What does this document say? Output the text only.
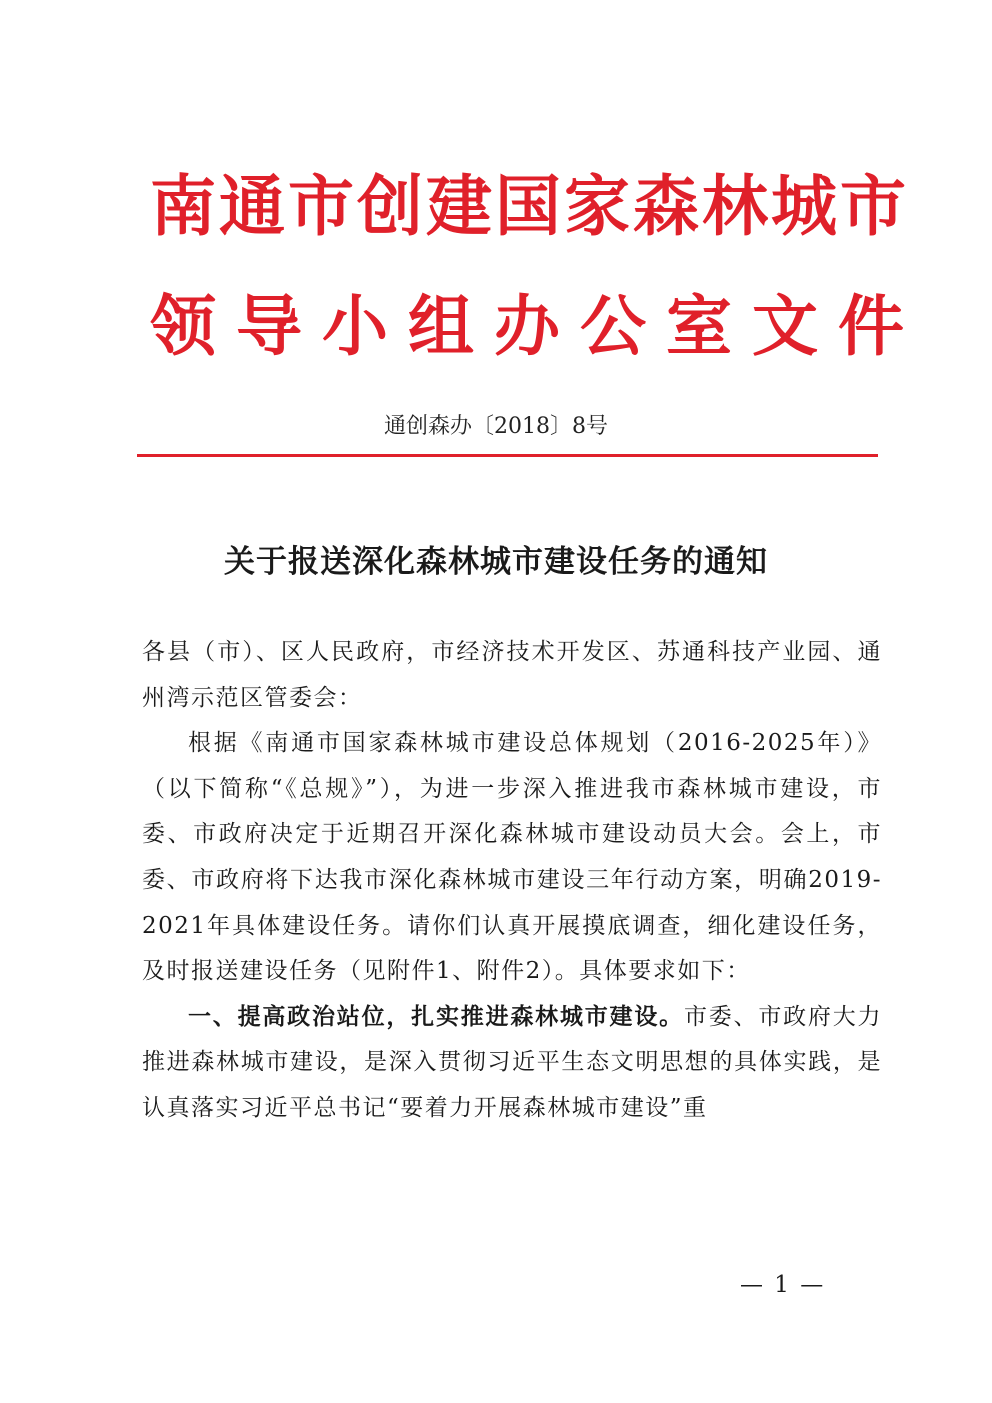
南通市创建国家森林城市
领导小组办公室文件
通创森办〔2018〕8号
关于报送深化森林城市建设任务的通知

各县（市）、区人民政府，市经济技术开发区、苏通科技产业园、通州湾示范区管委会：

根据《南通市国家森林城市建设总体规划（2016-2025年）》（以下简称“《总规》”），为进一步深入推进我市森林城市建设，市委、市政府决定于近期召开深化森林城市建设动员大会。会上，市委、市政府将下达我市深化森林城市建设三年行动方案，明确2019-2021年具体建设任务。请你们认真开展摸底调查，细化建设任务，及时报送建设任务（见附件1、附件2）。具体要求如下：

一、提高政治站位，扎实推进森林城市建设。市委、市政府大力推进森林城市建设，是深入贯彻习近平生态文明思想的具体实践，是认真落实习近平总书记“要着力开展森林城市建设”重

— 1 —
